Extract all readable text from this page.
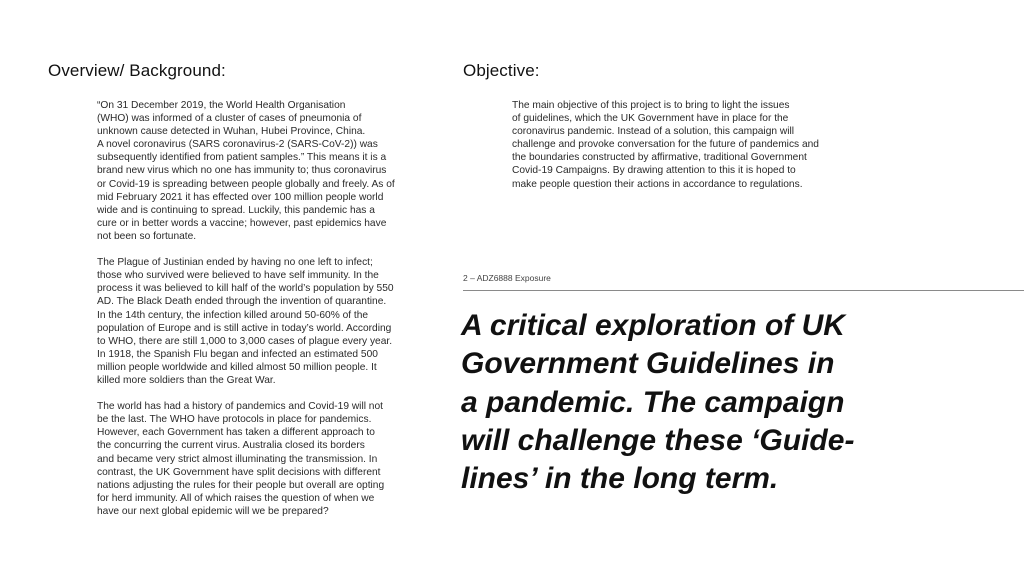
Overview/ Background:	Objective:
“On 31 December 2019, the World Health Organisation
(WHO) was informed of a cluster of cases of pneumonia of
unknown cause detected in Wuhan, Hubei Province, China.
A novel coronavirus (SARS coronavirus-2 (SARS-CoV-2)) was
subsequently identified from patient samples.” This means it is a
brand new virus which no one has immunity to; thus coronavirus
or Covid-19 is spreading between people globally and freely. As of
mid February 2021 it has effected over 100 million people world
wide and is continuing to spread. Luckily, this pandemic has a
cure or in better words a vaccine; however, past epidemics have
not been so fortunate.
The Plague of Justinian ended by having no one left to infect;
those who survived were believed to have self immunity. In the
process it was believed to kill half of the world’s population by 550
AD. The Black Death ended through the invention of quarantine.
In the 14th century, the infection killed around 50-60% of the
population of Europe and is still active in today’s world. According
to WHO, there are still 1,000 to 3,000 cases of plague every year.
In 1918, the Spanish Flu began and infected an estimated 500
million people worldwide and killed almost 50 million people. It
killed more soldiers than the Great War.
The world has had a history of pandemics and Covid-19 will not
be the last. The WHO have protocols in place for pandemics.
However, each Government has taken a different approach to
the concurring the current virus. Australia closed its borders
and became very strict almost illuminating the transmission. In
contrast, the UK Government have split decisions with different
nations adjusting the rules for their people but overall are opting
for herd immunity. All of which raises the question of when we
have our next global epidemic will we be prepared?
The main objective of this project is to bring to light the issues
of guidelines, which the UK Government have in place for the
coronavirus pandemic. Instead of a solution, this campaign will
challenge and provoke conversation for the future of pandemics and
the boundaries constructed by affirmative, traditional Government
Covid-19 Campaigns. By drawing attention to this it is hoped to
make people question their actions in accordance to regulations.
2 – ADZ6888 Exposure
A critical exploration of UK
Government Guidelines in
a pandemic. The campaign
will challenge these ‘Guide-
lines’ in the long term.
